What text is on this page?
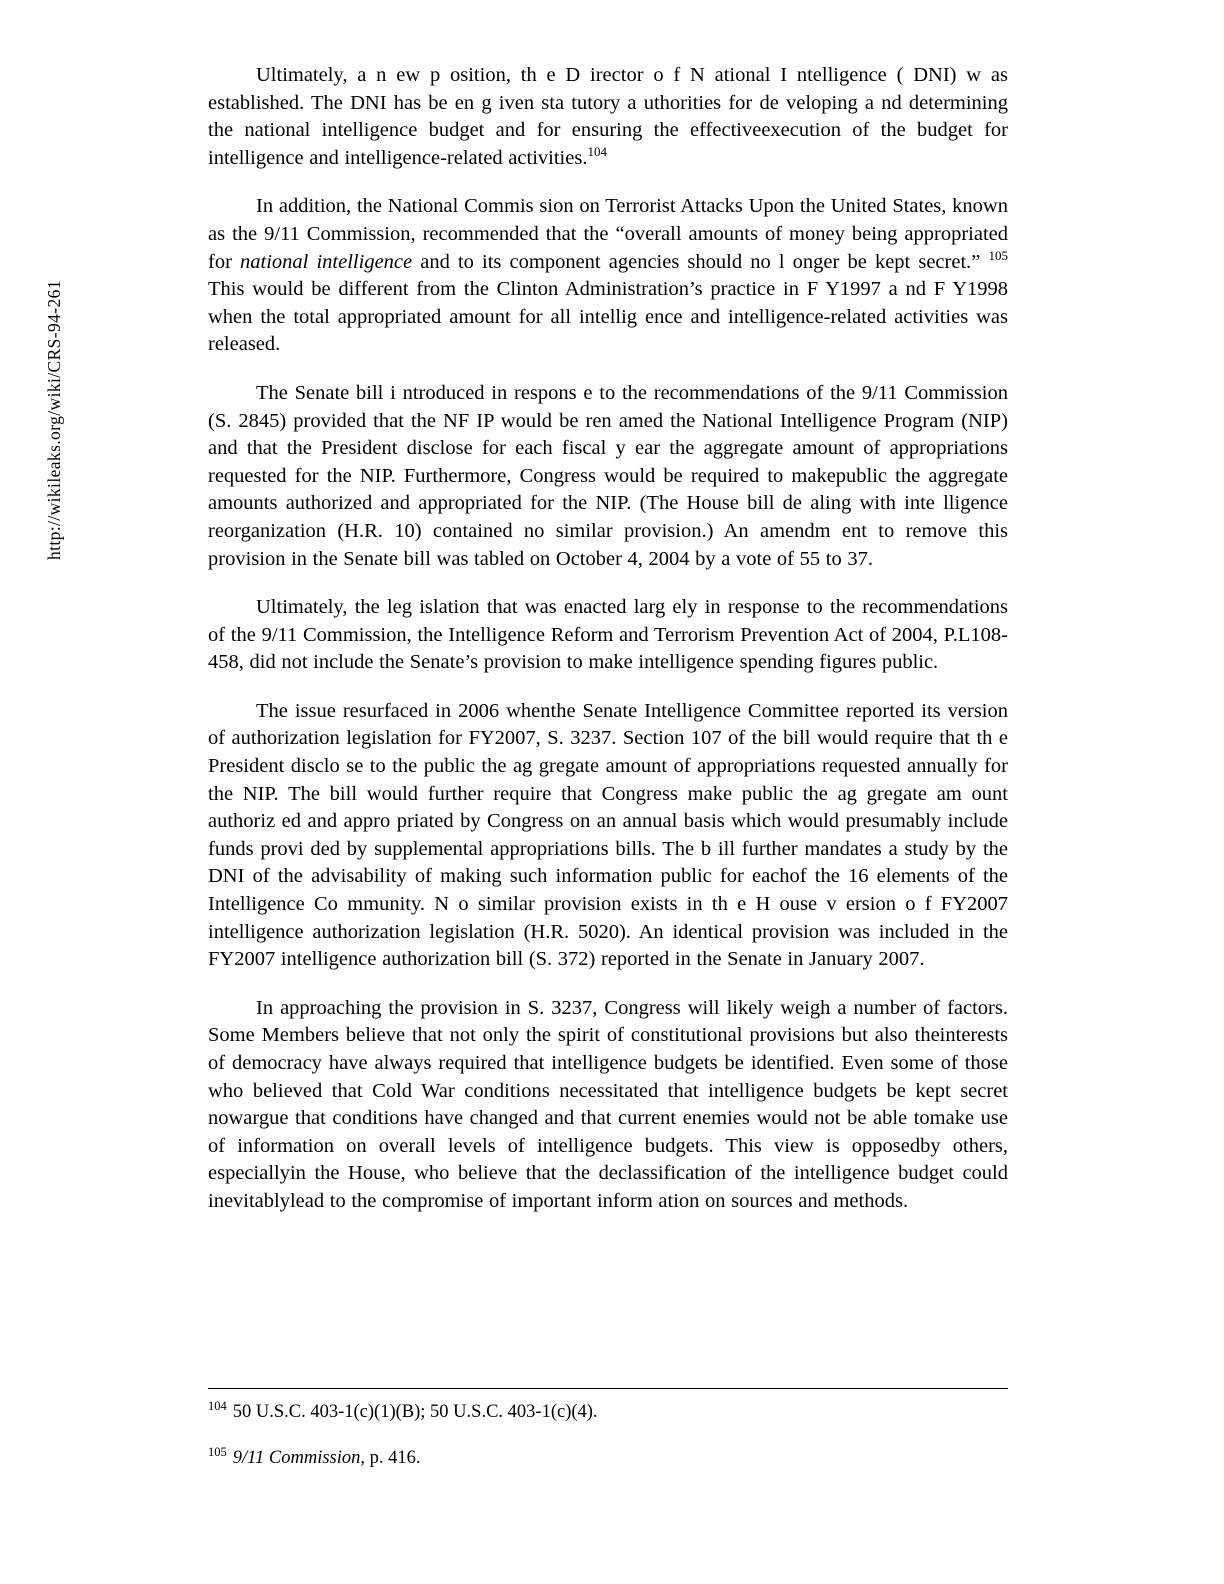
http://wikileaks.org/wiki/CRS-94-261

Ultimately, a n ew p osition, th e D irector o f N ational I ntelligence ( DNI) w as established. The DNI has be en g iven sta tutory a uthorities for de veloping a nd determining the national intelligence budget and for ensuring the effectiveexecution of the budget for intelligence and intelligence-related activities.$^{104}$

In addition, the National Commis sion on Terrorist Attacks Upon the United States, known as the 9/11 Commission, recommended that the “overall amounts of money being appropriated for national intelligence and to its component agencies should no l onger be kept secret.” $^{105}$ This would be different from the Clinton Administration’s practice in F Y1997 a nd F Y1998 when the total appropriated amount for all intellig ence and intelligence-related activities was released.

The Senate bill i ntroduced in respons e to the recommendations of the 9/11 Commission (S. 2845) provided that the NF IP would be ren amed the National Intelligence Program (NIP) and that the President disclose for each fiscal y ear the aggregate amount of appropriations requested for the NIP. Furthermore, Congress would be required to makepublic the aggregate amounts authorized and appropriated for the NIP. (The House bill de aling with inte lligence reorganization (H.R. 10) contained no similar provision.) An amendm ent to remove this provision in the Senate bill was tabled on October 4, 2004 by a vote of 55 to 37.

Ultimately, the leg islation that was enacted larg ely in response to the recommendations of the 9/11 Commission, the Intelligence Reform and Terrorism Prevention Act of 2004, P.L108-458, did not include the Senate’s provision to make intelligence spending figures public.

The issue resurfaced in 2006 whenthe Senate Intelligence Committee reported its version of authorization legislation for FY2007, S. 3237. Section 107 of the bill would require that th e President disclo se to the public the ag gregate amount of appropriations requested annually for the NIP. The bill would further require that Congress make public the ag gregate am ount authoriz ed and appro priated by Congress on an annual basis which would presumably include funds provi ded by supplemental appropriations bills. The b ill further mandates a study by the DNI of the advisability of making such information public for eachof the 16 elements of the Intelligence Co mmunity. N o similar provision exists in th e H ouse v ersion o f FY2007 intelligence authorization legislation (H.R. 5020). An identical provision was included in the FY2007 intelligence authorization bill (S. 372) reported in the Senate in January 2007.

In approaching the provision in S. 3237, Congress will likely weigh a number of factors. Some Members believe that not only the spirit of constitutional provisions but also theinterests of democracy have always required that intelligence budgets be identified. Even some of those who believed that Cold War conditions necessitated that intelligence budgets be kept secret nowargue that conditions have changed and that current enemies would not be able tomake use of information on overall levels of intelligence budgets. This view is opposedby others, especiallyin the House, who believe that the declassification of the intelligence budget could inevitablylead to the compromise of important inform ation on sources and methods.

$^{104}$ 50 U.S.C. 403-1(c)(1)(B); 50 U.S.C. 403-1(c)(4).
$^{105}$ 9/11 Commission, p. 416.
